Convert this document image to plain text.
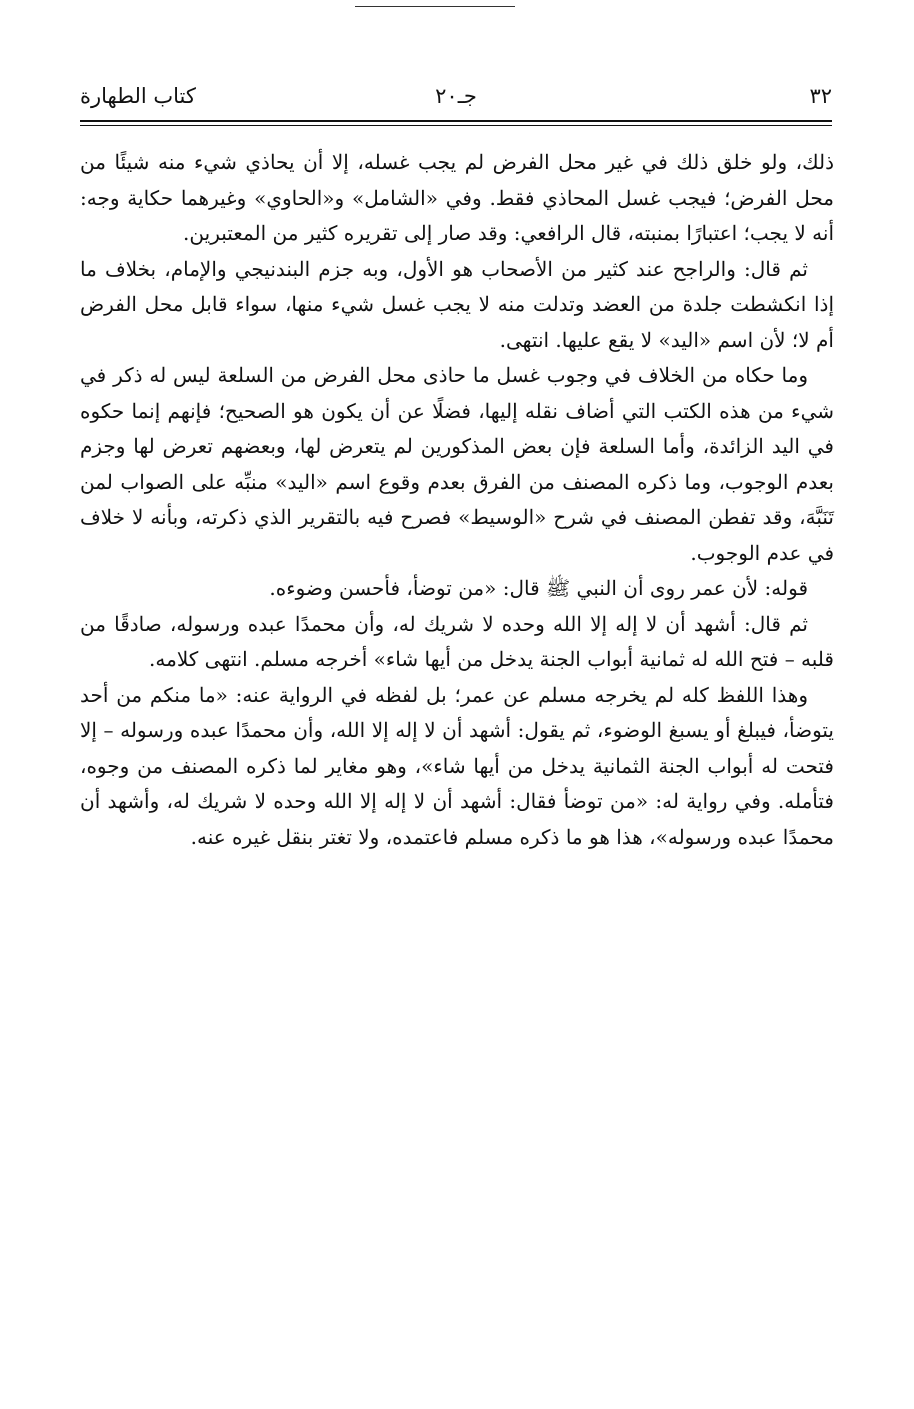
٣٢
جـ٢٠
كتاب الطهارة

ذلك، ولو خلق ذلك في غير محل الفرض لم يجب غسله، إلا أن يحاذي شيء منه شيئًا من محل الفرض؛ فيجب غسل المحاذي فقط. وفي «الشامل» و«الحاوي» وغيرهما حكاية وجه: أنه لا يجب؛ اعتبارًا بمنبته، قال الرافعي: وقد صار إلى تقريره كثير من المعتبرين.

ثم قال: والراجح عند كثير من الأصحاب هو الأول، وبه جزم البندنيجي والإمام، بخلاف ما إذا انكشطت جلدة من العضد وتدلت منه لا يجب غسل شيء منها، سواء قابل محل الفرض أم لا؛ لأن اسم «اليد» لا يقع عليها. انتهى.

وما حكاه من الخلاف في وجوب غسل ما حاذى محل الفرض من السلعة ليس له ذكر في شيء من هذه الكتب التي أضاف نقله إليها، فضلًا عن أن يكون هو الصحيح؛ فإنهم إنما حكوه في اليد الزائدة، وأما السلعة فإن بعض المذكورين لم يتعرض لها، وبعضهم تعرض لها وجزم بعدم الوجوب، وما ذكره المصنف من الفرق بعدم وقوع اسم «اليد» منبِّه على الصواب لمن تَنَبَّهَ، وقد تفطن المصنف في شرح «الوسيط» فصرح فيه بالتقرير الذي ذكرته، وبأنه لا خلاف في عدم الوجوب.

قوله: لأن عمر روى أن النبي ﷺ قال: «من توضأ، فأحسن وضوءه.

ثم قال: أشهد أن لا إله إلا الله وحده لا شريك له، وأن محمدًا عبده ورسوله، صادقًا من قلبه – فتح الله له ثمانية أبواب الجنة يدخل من أيها شاء» أخرجه مسلم. انتهى كلامه.

وهذا اللفظ كله لم يخرجه مسلم عن عمر؛ بل لفظه في الرواية عنه: «ما منكم من أحد يتوضأ، فيبلغ أو يسبغ الوضوء، ثم يقول: أشهد أن لا إله إلا الله، وأن محمدًا عبده ورسوله – إلا فتحت له أبواب الجنة الثمانية يدخل من أيها شاء»، وهو مغاير لما ذكره المصنف من وجوه، فتأمله. وفي رواية له: «من توضأ فقال: أشهد أن لا إله إلا الله وحده لا شريك له، وأشهد أن محمدًا عبده ورسوله»، هذا هو ما ذكره مسلم فاعتمده، ولا تغتر بنقل غيره عنه.
